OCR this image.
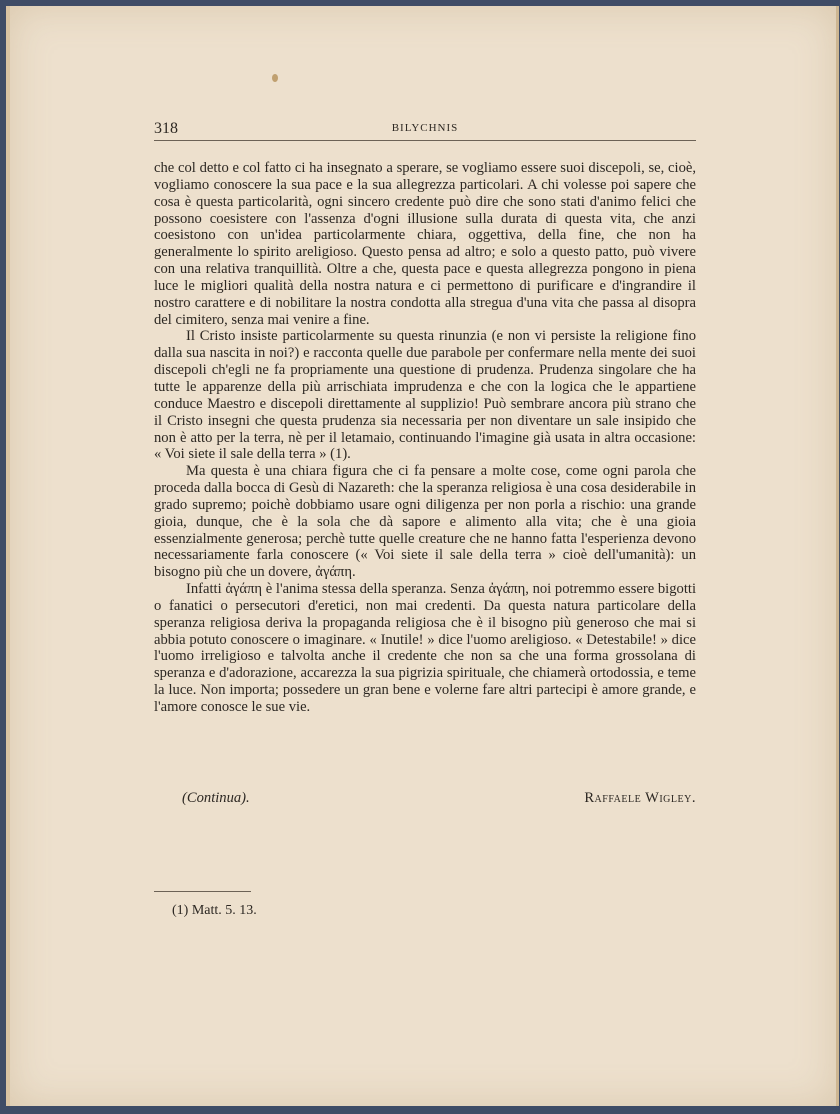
318	BILYCHNIS

che col detto e col fatto ci ha insegnato a sperare, se vogliamo essere suoi discepoli, se, cioè, vogliamo conoscere la sua pace e la sua allegrezza particolari. A chi volesse poi sapere che cosa è questa particolarità, ogni sincero credente può dire che sono stati d'animo felici che possono coesistere con l'assenza d'ogni illusione sulla durata di questa vita, che anzi coesistono con un'idea particolarmente chiara, oggettiva, della fine, che non ha generalmente lo spirito areligioso. Questo pensa ad altro; e solo a questo patto, può vivere con una relativa tranquillità. Oltre a che, questa pace e questa allegrezza pongono in piena luce le migliori qualità della nostra natura e ci permettono di purificare e d'ingrandire il nostro carattere e di nobilitare la nostra condotta alla stregua d'una vita che passa al disopra del cimitero, senza mai venire a fine.

Il Cristo insiste particolarmente su questa rinunzia (e non vi persiste la religione fino dalla sua nascita in noi?) e racconta quelle due parabole per confermare nella mente dei suoi discepoli ch'egli ne fa propriamente una questione di prudenza. Prudenza singolare che ha tutte le apparenze della più arrischiata imprudenza e che con la logica che le appartiene conduce Maestro e discepoli direttamente al supplizio! Può sembrare ancora più strano che il Cristo insegni che questa prudenza sia necessaria per non diventare un sale insipido che non è atto per la terra, nè per il letamaio, continuando l'imagine già usata in altra occasione: « Voi siete il sale della terra » (1).

Ma questa è una chiara figura che ci fa pensare a molte cose, come ogni parola che proceda dalla bocca di Gesù di Nazareth: che la speranza religiosa è una cosa desiderabile in grado supremo; poichè dobbiamo usare ogni diligenza per non porla a rischio: una grande gioia, dunque, che è la sola che dà sapore e alimento alla vita; che è una gioia essenzialmente generosa; perchè tutte quelle creature che ne hanno fatta l'esperienza devono necessariamente farla conoscere (« Voi siete il sale della terra » cioè dell'umanità): un bisogno più che un dovere, ἀγάπη.

Infatti ἀγάπη è l'anima stessa della speranza. Senza ἀγάπη, noi potremmo essere bigotti o fanatici o persecutori d'eretici, non mai credenti. Da questa natura particolare della speranza religiosa deriva la propaganda religiosa che è il bisogno più generoso che mai si abbia potuto conoscere o imaginare. « Inutile! » dice l'uomo areligioso. « Detestabile! » dice l'uomo irreligioso e talvolta anche il credente che non sa che una forma grossolana di speranza e d'adorazione, accarezza la sua pigrizia spirituale, che chiamerà ortodossia, e teme la luce. Non importa; possedere un gran bene e volerne fare altri partecipi è amore grande, e l'amore conosce le sue vie.

(Continua).	Raffaele Wigley.
(1) Matt. 5. 13.
